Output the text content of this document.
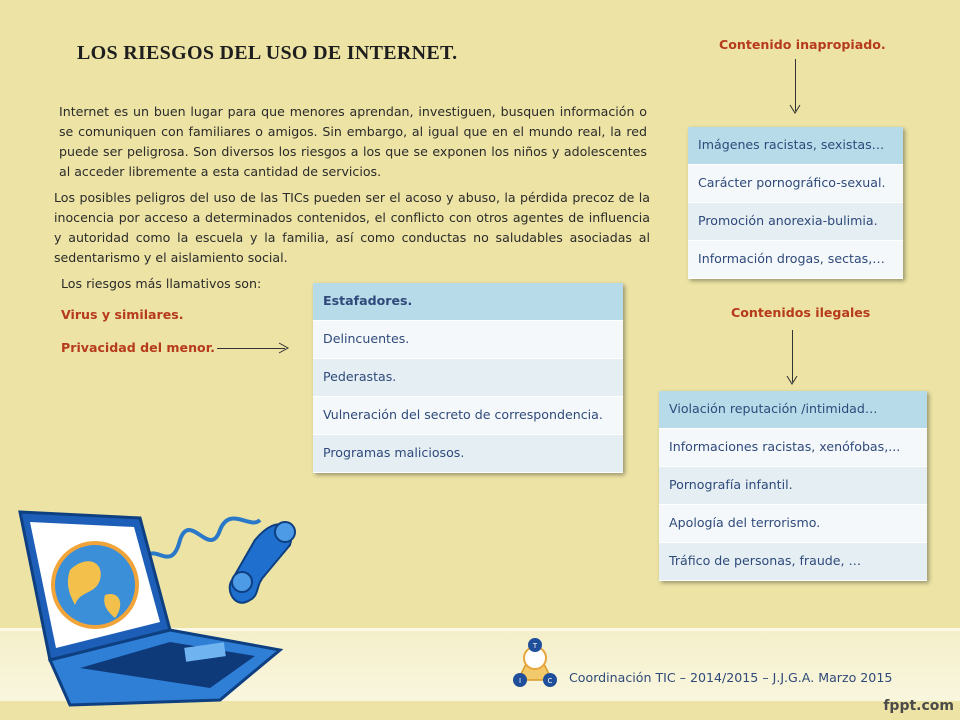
LOS RIESGOS DEL USO DE INTERNET.
Internet es un buen lugar para que menores aprendan, investiguen, busquen información o se comuniquen con familiares o amigos. Sin embargo, al igual que en el mundo real, la red puede ser peligrosa. Son diversos los riesgos a los que se exponen los niños y adolescentes al acceder libremente a esta cantidad de servicios.
Los posibles peligros del uso de las TICs pueden ser el acoso y abuso, la pérdida precoz de la inocencia por acceso a determinados contenidos, el conflicto con otros agentes de influencia y autoridad como la escuela y la familia, así como conductas no saludables asociadas al sedentarismo y el aislamiento social.
Los riesgos más llamativos son:
Virus y similares.
Privacidad del menor.
Estafadores.
Delincuentes.
Pederastas.
Vulneración del secreto de correspondencia.
Programas maliciosos.
Contenido inapropiado.
Imágenes racistas, sexistas…
Carácter pornográfico-sexual.
Promoción anorexia-bulimia.
Información drogas, sectas,…
Contenidos ilegales
Violación reputación /intimidad…
Informaciones racistas, xenófobas,...
Pornografía infantil.
Apología del terrorismo.
Tráfico de personas, fraude, …
T
I	C Coordinación TIC – 2014/2015 – J.J.G.A. Marzo 2015
fppt.com
